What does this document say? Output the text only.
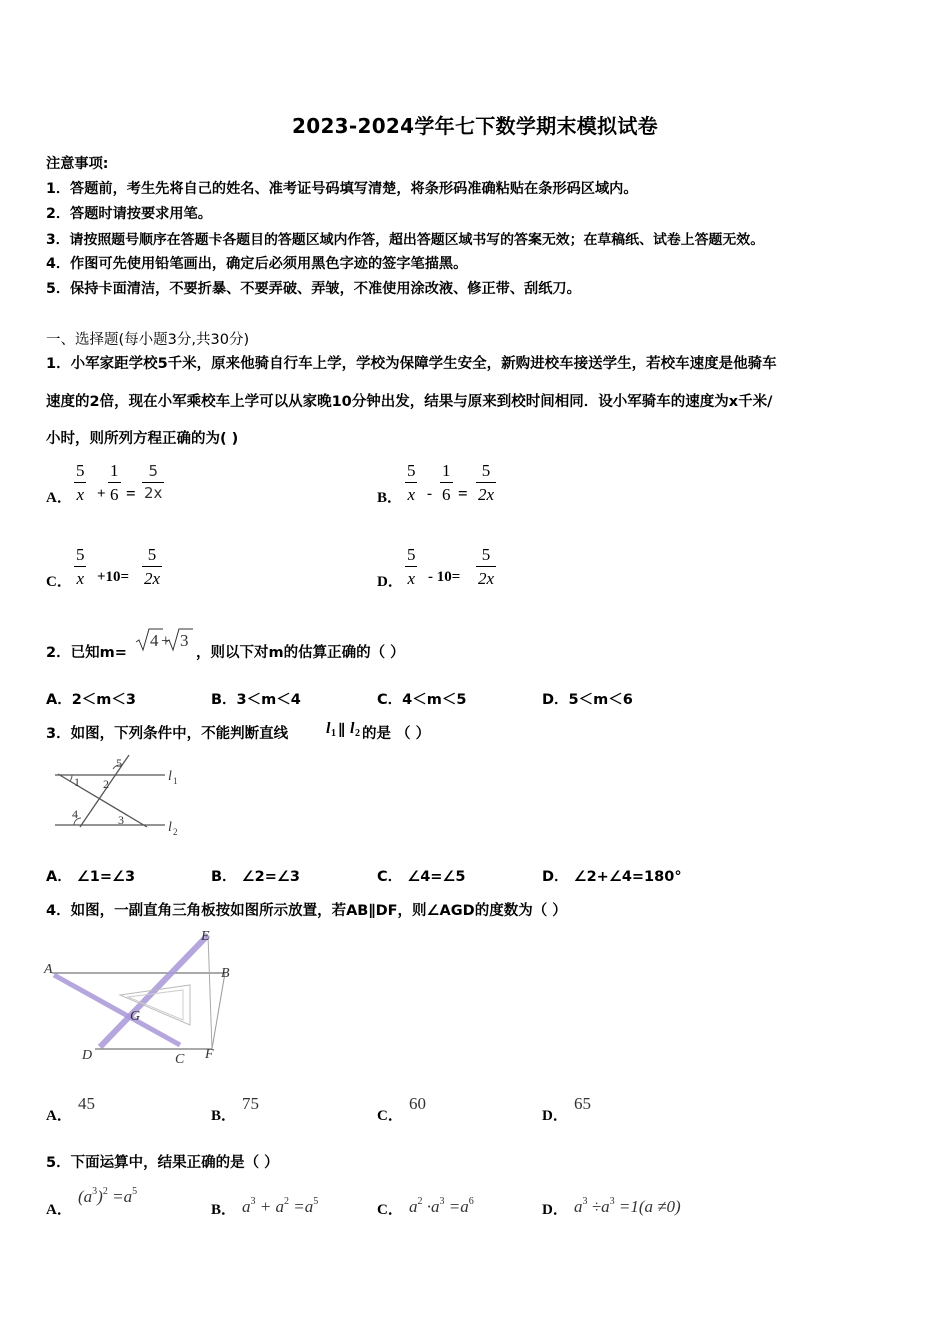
2023-2024学年七下数学期末模拟试卷
注意事项:
1．答题前，考生先将自己的姓名、准考证号码填写清楚，将条形码准确粘贴在条形码区域内。
2．答题时请按要求用笔。
3．请按照题号顺序在答题卡各题目的答题区域内作答，超出答题区域书写的答案无效；在草稿纸、试卷上答题无效。
4．作图可先使用铅笔画出，确定后必须用黑色字迹的签字笔描黑。
5．保持卡面清洁，不要折暴、不要弄破、弄皱，不准使用涂改液、修正带、刮纸刀。
一、选择题(每小题3分,共30分)
1．小军家距学校5千米，原来他骑自行车上学，学校为保障学生安全，新购进校车接送学生，若校车速度是他骑车
速度的2倍，现在小军乘校车上学可以从家晚10分钟出发，结果与原来到校时间相同．设小军骑车的速度为x千米/
小时，则所列方程正确的为( )
A． $\frac{5}{x} + \frac{1}{6} = \frac{5}{2x}$	B． $\frac{5}{x} - \frac{1}{6} = \frac{5}{2x}$
C． $\frac{5}{x} +10= \frac{5}{2x}$	D． $\frac{5}{x} - 10= \frac{5}{2x}$
2．已知m=
4 + 3
，则以下对m的估算正确的（ ）
A．2＜m＜3	B．3＜m＜4	C．4＜m＜5	D．5＜m＜6
3．如图，下列条件中，不能判断直线 l 1 ∥ l 2 的是 （ ）
1 2
5
4	3
l 1
l 2
A． ∠1=∠3	B． ∠2=∠3	C． ∠4=∠5	D． ∠2+∠4=180°
4．如图，一副直角三角板按如图所示放置，若AB∥DF，则∠AGD的度数为（ ）
A	B
E
G
D	C F
A．
45
B．
75
C．
60
D．
65
5．下面运算中，结果正确的是（ ）
A．
$(a^3)^2 =a^5$
B． $a^3 + a^2 =a^5$
C． $a^2 \cdot a^3 =a^6$
D． $a^3 \div a^3 =1(a \ne 0)$
